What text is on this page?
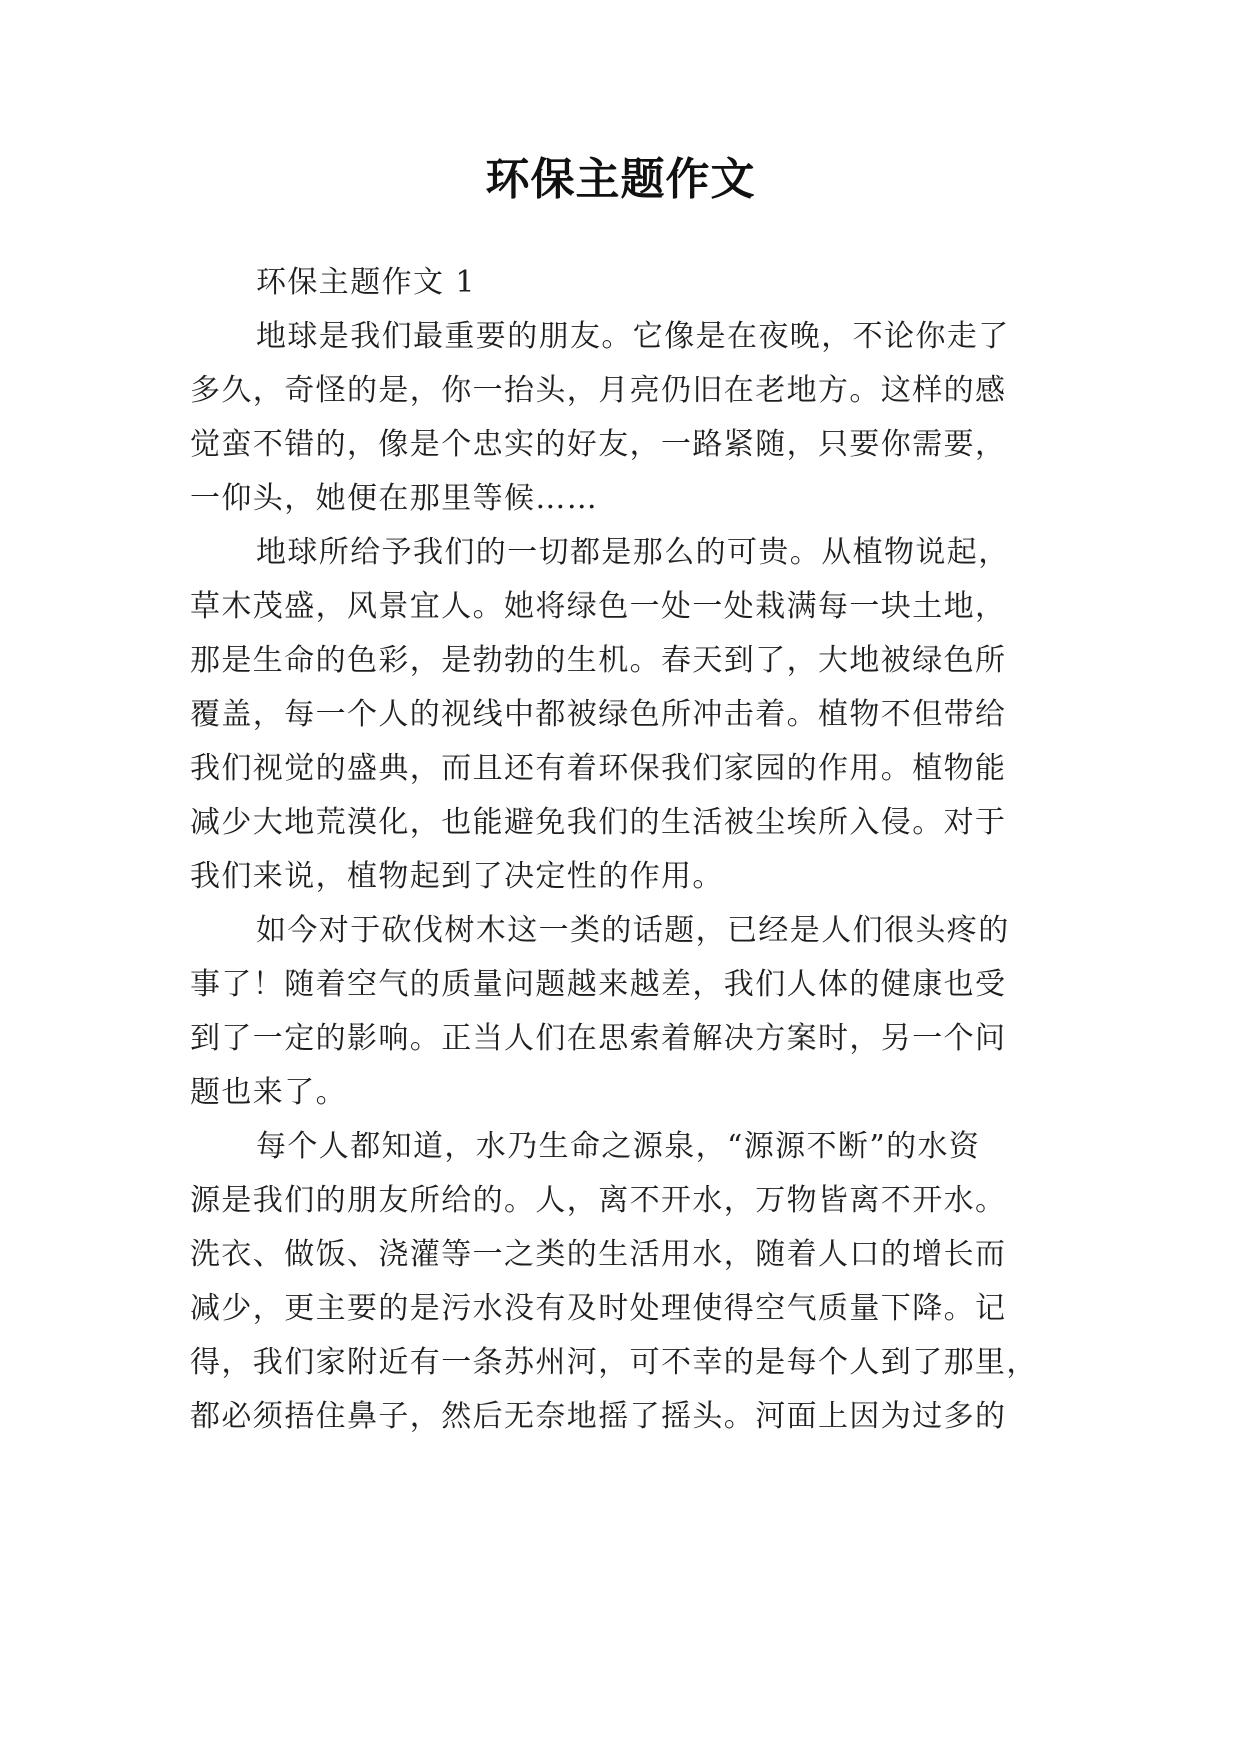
环保主题作文
环保主题作文 1
地球是我们最重要的朋友。它像是在夜晚，不论你走了
多久，奇怪的是，你一抬头，月亮仍旧在老地方。这样的感
觉蛮不错的，像是个忠实的好友，一路紧随，只要你需要，
一仰头，她便在那里等候……
地球所给予我们的一切都是那么的可贵。从植物说起，
草木茂盛，风景宜人。她将绿色一处一处栽满每一块土地，
那是生命的色彩，是勃勃的生机。春天到了，大地被绿色所
覆盖，每一个人的视线中都被绿色所冲击着。植物不但带给
我们视觉的盛典，而且还有着环保我们家园的作用。植物能
减少大地荒漠化，也能避免我们的生活被尘埃所入侵。对于
我们来说，植物起到了决定性的作用。
如今对于砍伐树木这一类的话题，已经是人们很头疼的
事了！随着空气的质量问题越来越差，我们人体的健康也受
到了一定的影响。正当人们在思索着解决方案时，另一个问
题也来了。
每个人都知道，水乃生命之源泉，“源源不断”的水资
源是我们的朋友所给的。人，离不开水，万物皆离不开水。
洗衣、做饭、浇灌等一之类的生活用水，随着人口的增长而
减少，更主要的是污水没有及时处理使得空气质量下降。记
得，我们家附近有一条苏州河，可不幸的是每个人到了那里，
都必须捂住鼻子，然后无奈地摇了摇头。河面上因为过多的
